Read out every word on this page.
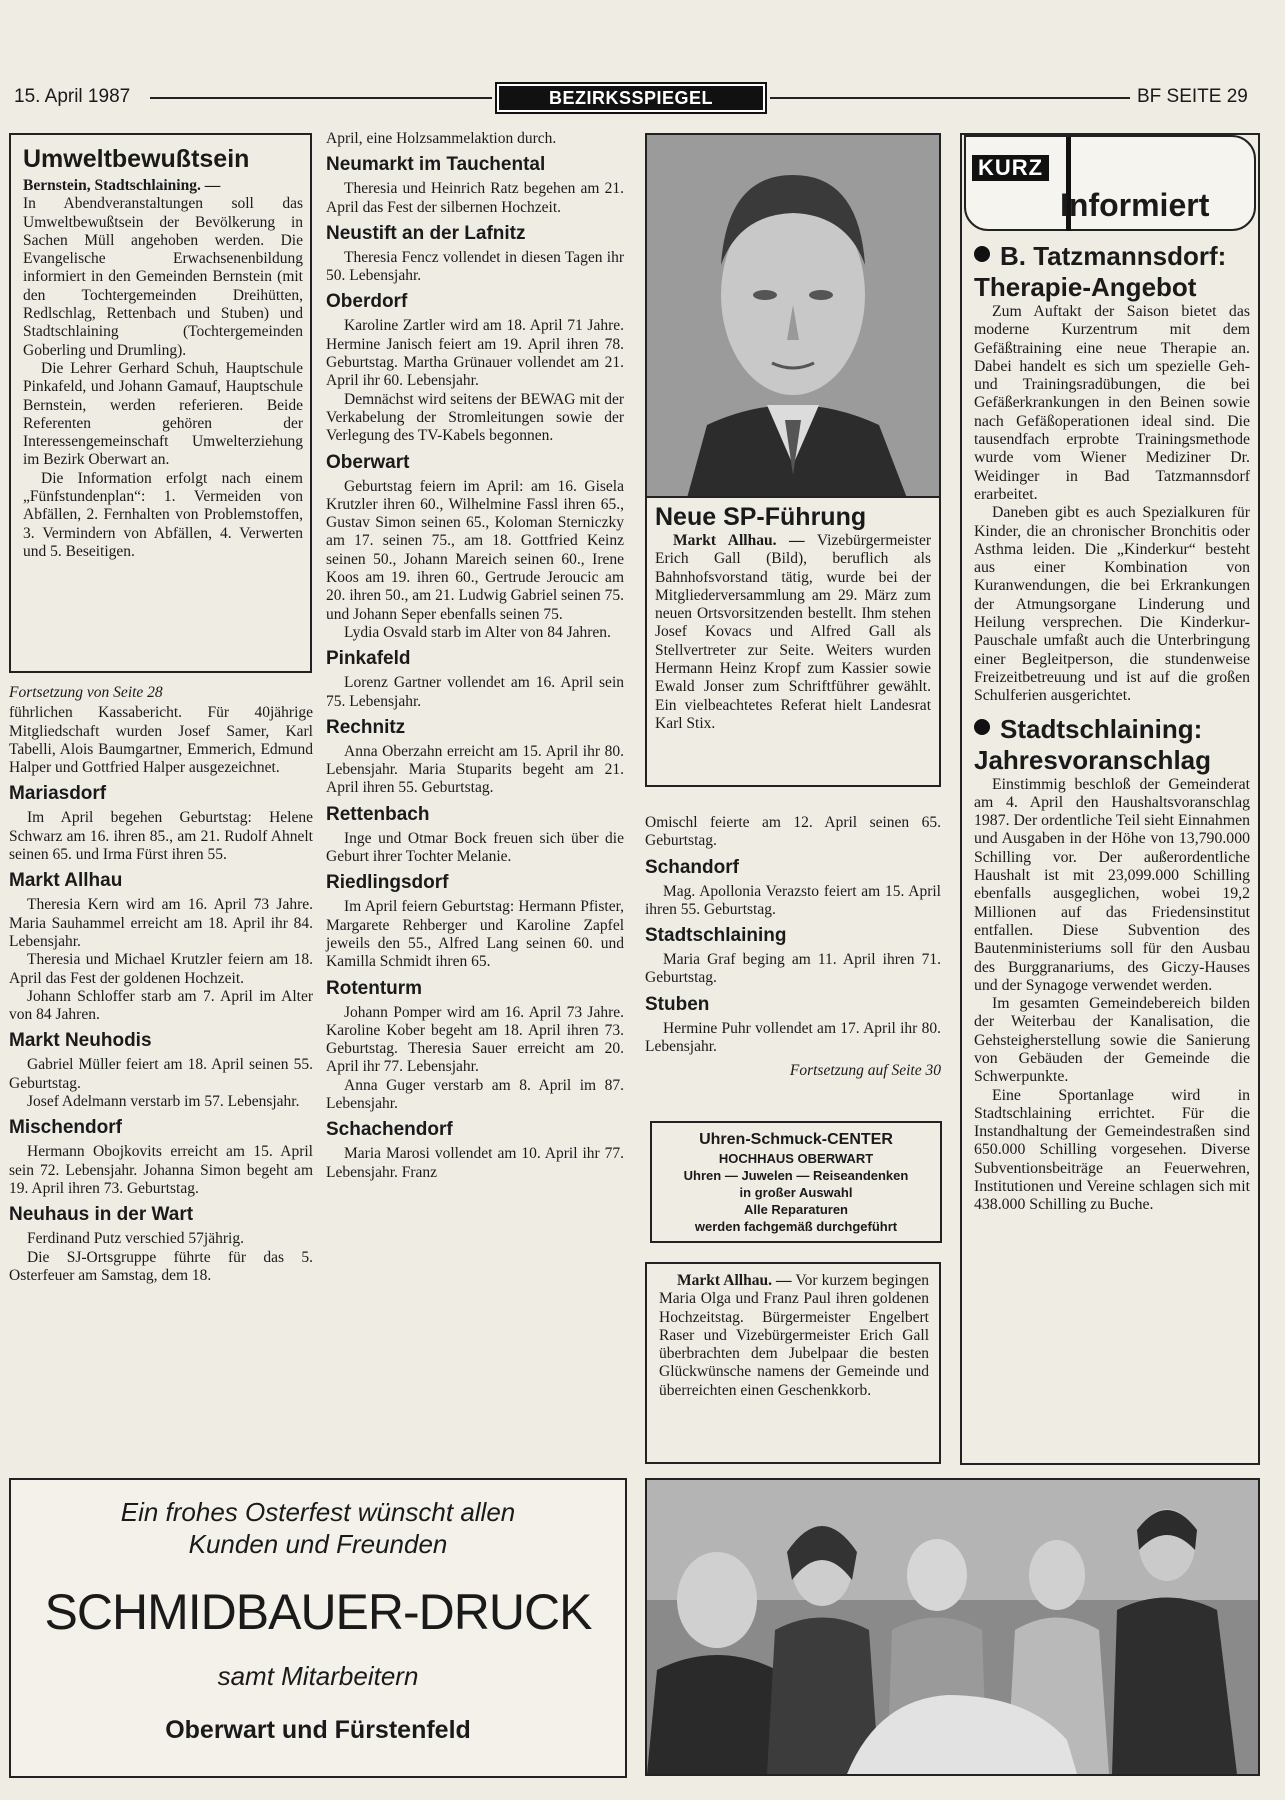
15. April 1987	BEZIRKSSPIEGEL	BF SEITE 29
Umweltbewußtsein

Bernstein, Stadtschlaining. —

In Abendveranstaltungen soll das Umweltbewußtsein der Bevölkerung in Sachen Müll angehoben werden. Die Evangelische Erwachsenenbildung informiert in den Gemeinden Bernstein (mit den Tochtergemeinden Dreihütten, Redlschlag, Rettenbach und Stuben) und Stadtschlaining (Tochtergemeinden Goberling und Drumling).

Die Lehrer Gerhard Schuh, Hauptschule Pinkafeld, und Johann Gamauf, Hauptschule Bernstein, werden referieren. Beide Referenten gehören der Interessengemeinschaft Umwelterziehung im Bezirk Oberwart an.

Die Information erfolgt nach einem „Fünfstundenplan“: 1. Vermeiden von Abfällen, 2. Fernhalten von Problemstoffen, 3. Vermindern von Abfällen, 4. Verwerten und 5. Beseitigen.

Fortsetzung von Seite 28

führlichen Kassabericht. Für 40jährige Mitgliedschaft wurden Josef Samer, Karl Tabelli, Alois Baumgartner, Emmerich, Edmund Halper und Gottfried Halper ausgezeichnet.

Mariasdorf

Im April begehen Geburtstag: Helene Schwarz am 16. ihren 85., am 21. Rudolf Ahnelt seinen 65. und Irma Fürst ihren 55.

Markt Allhau

Theresia Kern wird am 16. April 73 Jahre. Maria Sauhammel erreicht am 18. April ihr 84. Lebensjahr.

Theresia und Michael Krutzler feiern am 18. April das Fest der goldenen Hochzeit.

Johann Schloffer starb am 7. April im Alter von 84 Jahren.

Markt Neuhodis

Gabriel Müller feiert am 18. April seinen 55. Geburtstag.

Josef Adelmann verstarb im 57. Lebensjahr.

Mischendorf

Hermann Obojkovits erreicht am 15. April sein 72. Lebensjahr. Johanna Simon begeht am 19. April ihren 73. Geburtstag.

Neuhaus in der Wart

Ferdinand Putz verschied 57jährig.

Die SJ-Ortsgruppe führte für das 5. Osterfeuer am Samstag, dem 18.

April, eine Holzsammelaktion durch.

Neumarkt im Tauchental

Theresia und Heinrich Ratz begehen am 21. April das Fest der silbernen Hochzeit.

Neustift an der Lafnitz

Theresia Fencz vollendet in diesen Tagen ihr 50. Lebensjahr.

Oberdorf

Karoline Zartler wird am 18. April 71 Jahre. Hermine Janisch feiert am 19. April ihren 78. Geburtstag. Martha Grünauer vollendet am 21. April ihr 60. Lebensjahr.

Demnächst wird seitens der BEWAG mit der Verkabelung der Stromleitungen sowie der Verlegung des TV-Kabels begonnen.

Oberwart

Geburtstag feiern im April: am 16. Gisela Krutzler ihren 60., Wilhelmine Fassl ihren 65., Gustav Simon seinen 65., Koloman Sterniczky am 17. seinen 75., am 18. Gottfried Keinz seinen 50., Johann Mareich seinen 60., Irene Koos am 19. ihren 60., Gertrude Jeroucic am 20. ihren 50., am 21. Ludwig Gabriel seinen 75. und Johann Seper ebenfalls seinen 75.

Lydia Osvald starb im Alter von 84 Jahren.

Pinkafeld

Lorenz Gartner vollendet am 16. April sein 75. Lebensjahr.

Rechnitz

Anna Oberzahn erreicht am 15. April ihr 80. Lebensjahr. Maria Stuparits begeht am 21. April ihren 55. Geburtstag.

Rettenbach

Inge und Otmar Bock freuen sich über die Geburt ihrer Tochter Melanie.

Riedlingsdorf

Im April feiern Geburtstag: Hermann Pfister, Margarete Rehberger und Karoline Zapfel jeweils den 55., Alfred Lang seinen 60. und Kamilla Schmidt ihren 65.

Rotenturm

Johann Pomper wird am 16. April 73 Jahre. Karoline Kober begeht am 18. April ihren 73. Geburtstag. Theresia Sauer erreicht am 20. April ihr 77. Lebensjahr.

Anna Guger verstarb am 8. April im 87. Lebensjahr.

Schachendorf

Maria Marosi vollendet am 10. April ihr 77. Lebensjahr. Franz

Neue SP-Führung
Markt Allhau. — Vizebürgermeister Erich Gall (Bild), beruflich als Bahnhofsvorstand tätig, wurde bei der Mitgliederversammlung am 29. März zum neuen Ortsvorsitzenden bestellt. Ihm stehen Josef Kovacs und Alfred Gall als Stellvertreter zur Seite. Weiters wurden Hermann Heinz Kropf zum Kassier sowie Ewald Jonser zum Schriftführer gewählt. Ein vielbeachtetes Referat hielt Landesrat Karl Stix.

Omischl feierte am 12. April seinen 65. Geburtstag.

Schandorf

Mag. Apollonia Verazsto feiert am 15. April ihren 55. Geburtstag.

Stadtschlaining

Maria Graf beging am 11. April ihren 71. Geburtstag.

Stuben

Hermine Puhr vollendet am 17. April ihr 80. Lebensjahr.

Fortsetzung auf Seite 30

Uhren-Schmuck-CENTER
HOCHHAUS OBERWART
Uhren — Juwelen — Reiseandenken
in großer Auswahl
Alle Reparaturen
werden fachgemäß durchgeführt
Markt Allhau. — Vor kurzem begingen Maria Olga und Franz Paul ihren goldenen Hochzeitstag. Bürgermeister Engelbert Raser und Vizebürgermeister Erich Gall überbrachten dem Jubelpaar die besten Glückwünsche namens der Gemeinde und überreichten einen Geschenkkorb.
KURZ
Informiert
B. Tatzmannsdorf:
Therapie-Angebot

Zum Auftakt der Saison bietet das moderne Kurzentrum mit dem Gefäßtraining eine neue Therapie an. Dabei handelt es sich um spezielle Geh- und Trainingsradübungen, die bei Gefäßerkrankungen in den Beinen sowie nach Gefäßoperationen ideal sind. Die tausendfach erprobte Trainingsmethode wurde vom Wiener Mediziner Dr. Weidinger in Bad Tatzmannsdorf erarbeitet.

Daneben gibt es auch Spezialkuren für Kinder, die an chronischer Bronchitis oder Asthma leiden. Die „Kinderkur“ besteht aus einer Kombination von Kuranwendungen, die bei Erkrankungen der Atmungsorgane Linderung und Heilung versprechen. Die Kinderkur-Pauschale umfaßt auch die Unterbringung einer Begleitperson, die stundenweise Freizeitbetreuung und ist auf die großen Schulferien ausgerichtet.

Stadtschlaining:
Jahresvoranschlag

Einstimmig beschloß der Gemeinderat am 4. April den Haushaltsvoranschlag 1987. Der ordentliche Teil sieht Einnahmen und Ausgaben in der Höhe von 13,790.000 Schilling vor. Der außerordentliche Haushalt ist mit 23,099.000 Schilling ebenfalls ausgeglichen, wobei 19,2 Millionen auf das Friedensinstitut entfallen. Diese Subvention des Bautenministeriums soll für den Ausbau des Burggranariums, des Giczy-Hauses und der Synagoge verwendet werden.

Im gesamten Gemeindebereich bilden der Weiterbau der Kanalisation, die Gehsteigherstellung sowie die Sanierung von Gebäuden der Gemeinde die Schwerpunkte.

Eine Sportanlage wird in Stadtschlaining errichtet. Für die Instandhaltung der Gemeindestraßen sind 650.000 Schilling vorgesehen. Diverse Subventionsbeiträge an Feuerwehren, Institutionen und Vereine schlagen sich mit 438.000 Schilling zu Buche.

Ein frohes Osterfest wünscht allen
Kunden und Freunden
SCHMIDBAUER-DRUCK
samt Mitarbeitern
Oberwart und Fürstenfeld
